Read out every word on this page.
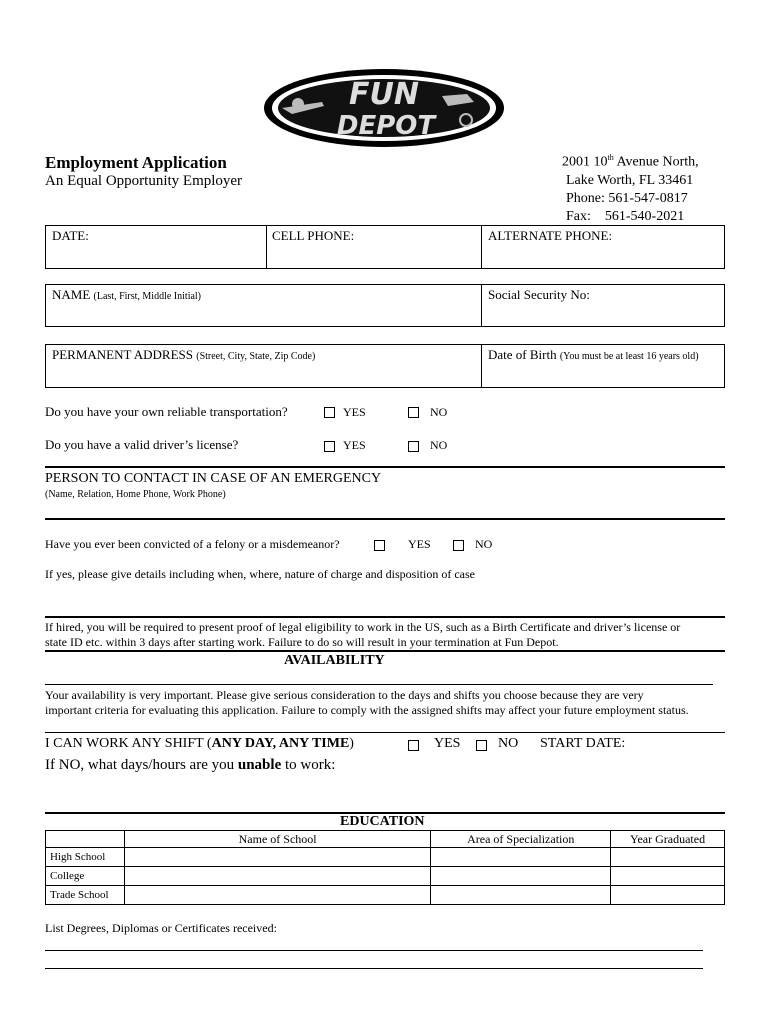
FUN
DEPOT
Employment Application
An Equal Opportunity Employer
2001 10th Avenue North,
Lake Worth, FL 33461
Phone: 561-547-0817
Fax:    561-540-2021
DATE:	CELL PHONE:	ALTERNATE PHONE:
NAME (Last, First, Middle Initial)	Social Security No:
PERMANENT ADDRESS (Street, City, State, Zip Code)	Date of Birth (You must be at least 16 years old)
Do you have your own reliable transportation?	YES	NO
Do you have a valid driver’s license?	YES	NO
PERSON TO CONTACT IN CASE OF AN EMERGENCY
(Name, Relation, Home Phone, Work Phone)
Have you ever been convicted of a felony or a misdemeanor?	YES	NO
If yes, please give details including when, where, nature of charge and disposition of case
If hired, you will be required to present proof of legal eligibility to work in the US, such as a Birth Certificate and driver’s license or
state ID etc. within 3 days after starting work. Failure to do so will result in your termination at Fun Depot.
AVAILABILITY
Your availability is very important. Please give serious consideration to the days and shifts you choose because they are very
important criteria for evaluating this application. Failure to comply with the assigned shifts may affect your future employment status.
I CAN WORK ANY SHIFT (ANY DAY, ANY TIME)	YES	NO START DATE:
If NO, what days/hours are you unable to work:
EDUCATION
	Name of School	Area of Specialization	Year Graduated
High School			
College			
Trade School			
List Degrees, Diplomas or Certificates received:
